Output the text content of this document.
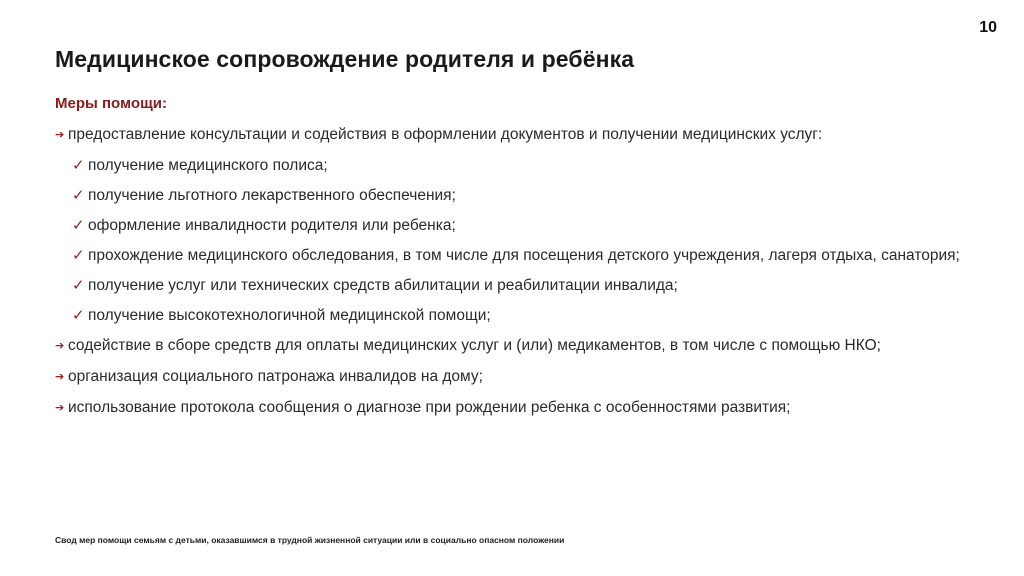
10
Медицинское сопровождение родителя и ребёнка
Меры помощи:
➔ предоставление консультации и содействия в оформлении документов и получении медицинских услуг:
✓ получение медицинского полиса;
✓ получение льготного лекарственного обеспечения;
✓ оформление инвалидности родителя или ребенка;
✓ прохождение медицинского обследования, в том числе для посещения детского учреждения, лагеря отдыха, санатория;
✓ получение услуг или технических средств абилитации и реабилитации инвалида;
✓ получение высокотехнологичной медицинской помощи;
➔ содействие в сборе средств для оплаты медицинских услуг и (или) медикаментов, в том числе с помощью НКО;
➔ организация социального патронажа инвалидов на дому;
➔ использование протокола сообщения о диагнозе при рождении ребенка с особенностями развития;
Свод мер помощи семьям с детьми, оказавшимся в трудной жизненной ситуации или в социально опасном положении
